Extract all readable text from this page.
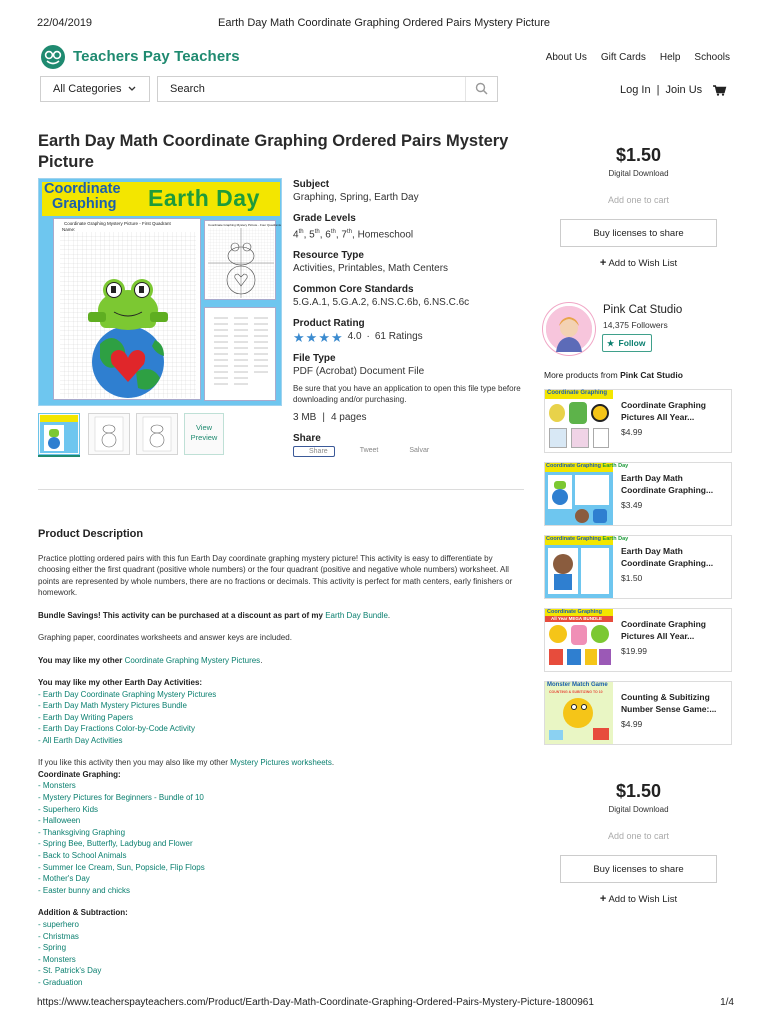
22/04/2019	Earth Day Math Coordinate Graphing Ordered Pairs Mystery Picture
Teachers Pay Teachers	About Us Gift Cards Help Schools
All Categories	Search	Log In | Join Us
Earth Day Math Coordinate Graphing Ordered Pairs Mystery Picture
Coordinate
Graphing Earth Day
Coordinate Graphing Mystery Picture - First Quadrant
Name:
Coordinate Graphing Mystery Picture - Four Quadrants
View Preview
Subject
Graphing, Spring, Earth Day
Grade Levels
4th, 5th, 6th, 7th, Homeschool
Resource Type
Activities, Printables, Math Centers
Common Core Standards
5.G.A.1, 5.G.A.2, 6.NS.C.6b, 6.NS.C.6c
Product Rating
★ ★ ★ ★ 4.0 · 61 Ratings
File Type
PDF (Acrobat) Document File
Be sure that you have an application to open this file type before downloading and/or purchasing.
3 MB | 4 pages
Share
Share	Tweet	Salvar
$1.50
Digital Download
Add one to cart
Buy licenses to share
+ Add to Wish List
Pink Cat Studio
14,375 Followers
★ Follow
More products from Pink Cat Studio
Coordinate Graphing
Coordinate Graphing Pictures All Year...
$4.99
Coordinate Graphing Earth Day
Earth Day Math Coordinate Graphing...
$3.49
Coordinate Graphing Earth Day
Earth Day Math Coordinate Graphing...
$1.50
Coordinate Graphing
All Year MEGA BUNDLE
Coordinate Graphing Pictures All Year...
$19.99
Monster Match Game
COUNTING & SUBITIZING TO 10	Counting & Subitizing Number Sense Game:...
$4.99
$1.50
Digital Download
Add one to cart
Buy licenses to share
+ Add to Wish List
Product Description

Practice plotting ordered pairs with this fun Earth Day coordinate graphing mystery picture! This activity is easy to differentiate by choosing either the first quadrant (positive whole numbers) or the four quadrant (positive and negative whole numbers) worksheet. All points are represented by whole numbers, there are no fractions or decimals. This activity is perfect for math centers, early finishers or homework.

Bundle Savings! This activity can be purchased at a discount as part of my Earth Day Bundle.

Graphing paper, coordinates worksheets and answer keys are included.

You may like my other Coordinate Graphing Mystery Pictures.

You may like my other Earth Day Activities:
- Earth Day Coordinate Graphing Mystery Pictures
- Earth Day Math Mystery Pictures Bundle
- Earth Day Writing Papers
- Earth Day Fractions Color-by-Code Activity
- All Earth Day Activities
If you like this activity then you may also like my other Mystery Pictures worksheets.
Coordinate Graphing:
- Monsters
- Mystery Pictures for Beginners - Bundle of 10
- Superhero Kids
- Halloween
- Thanksgiving Graphing
- Spring Bee, Butterfly, Ladybug and Flower
- Back to School Animals
- Summer Ice Cream, Sun, Popsicle, Flip Flops
- Mother's Day
- Easter bunny and chicks
Addition & Subtraction:
- superhero
- Christmas
- Spring
- Monsters
- St. Patrick's Day
- Graduation
https://www.teacherspayteachers.com/Product/Earth-Day-Math-Coordinate-Graphing-Ordered-Pairs-Mystery-Picture-1800961	1/4
